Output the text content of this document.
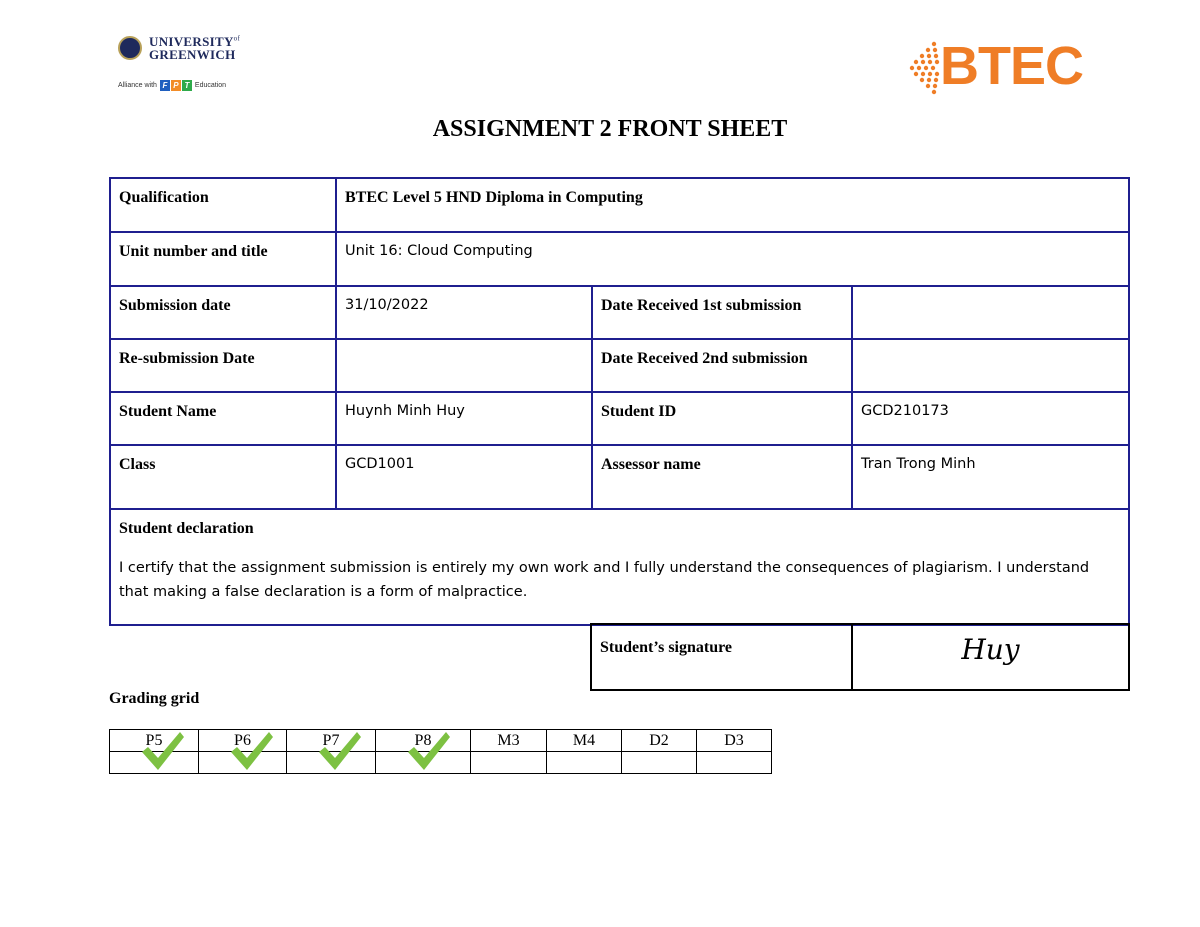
$UNIVERSITY^{of}$
GREENWICH
Alliance with F P T Education	BTEC
ASSIGNMENT 2 FRONT SHEET
Qualification	BTEC Level 5 HND Diploma in Computing		
Unit number and title	Unit 16: Cloud Computing		
Submission date	31/10/2022	Date Received 1st submission	
Re-submission Date		Date Received 2nd submission	
Student Name	Huynh Minh Huy	Student ID	GCD210173
Class	GCD1001	Assessor name	Tran Trong Minh

Student declaration
I certify that the assignment submission is entirely my own work and I fully understand the consequences of plagiarism. I understand that making a false declaration is a form of malpractice.			
Student’s signature	Huy
Grading grid
P5	P6	P7	P8	M3	M4	D2	D3
